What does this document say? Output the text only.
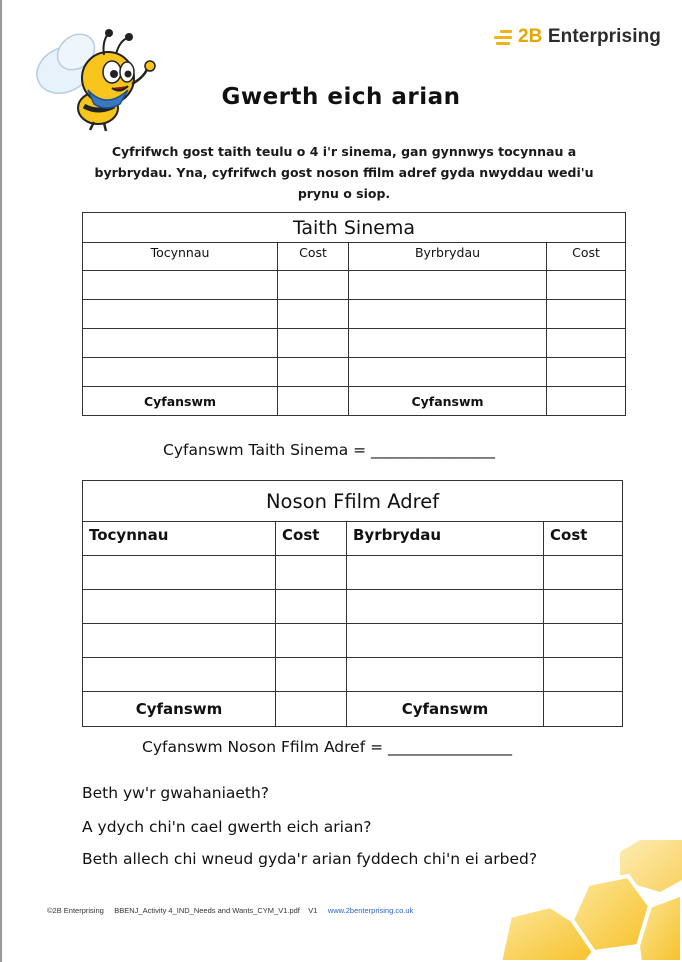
2B Enterprising
Gwerth eich arian
Cyfrifwch gost taith teulu o 4 i'r sinema, gan gynnwys tocynnau a byrbrydau. Yna, cyfrifwch gost noson ffilm adref gyda nwyddau wedi'u prynu o siop.
Taith Sinema			
Tocynnau	Cost	Byrbrydau	Cost

Cyfanswm		Cyfanswm	
Cyfanswm Taith Sinema = ________________
Noson Ffilm Adref			
Tocynnau	Cost	Byrbrydau	Cost

Cyfanswm		Cyfanswm	
Cyfanswm Noson Ffilm Adref = ________________
Beth yw'r gwahaniaeth?
A ydych chi'n cael gwerth eich arian?
Beth allech chi wneud gyda'r arian fyddech chi'n ei arbed?
©2B Enterprising BBENJ_Activity 4_IND_Needs and Wants_CYM_V1.pdf V1 www.2benterprising.co.uk
